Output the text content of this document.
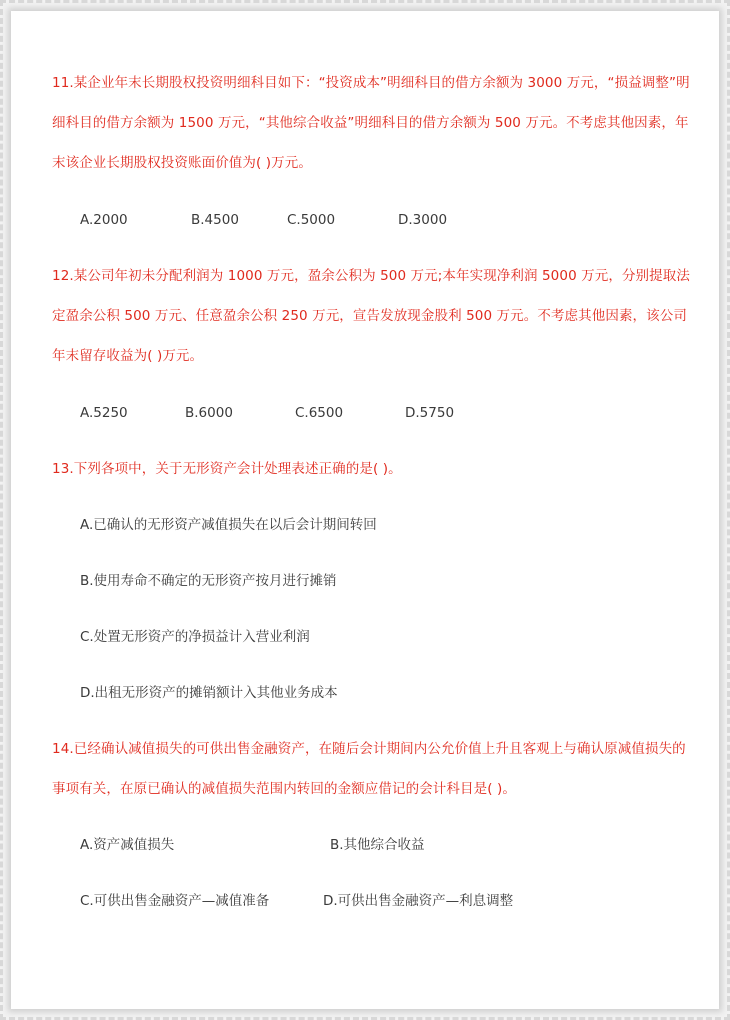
11.某企业年末长期股权投资明细科目如下：“投资成本”明细科目的借方余额为 3000 万元，“损益调整”明细科目的借方余额为 1500 万元，“其他综合收益”明细科目的借方余额为 500 万元。不考虑其他因素，年末该企业长期股权投资账面价值为( )万元。

A.2000	B.4500	C.5000	D.3000

12.某公司年初未分配利润为 1000 万元，盈余公积为 500 万元;本年实现净利润 5000 万元，分别提取法定盈余公积 500 万元、任意盈余公积 250 万元，宣告发放现金股利 500 万元。不考虑其他因素，该公司年末留存收益为( )万元。

A.5250	B.6000	C.6500	D.5750

13.下列各项中，关于无形资产会计处理表述正确的是( )。

A.已确认的无形资产减值损失在以后会计期间转回

B.使用寿命不确定的无形资产按月进行摊销

C.处置无形资产的净损益计入营业利润

D.出租无形资产的摊销额计入其他业务成本

14.已经确认减值损失的可供出售金融资产，在随后会计期间内公允价值上升且客观上与确认原减值损失的事项有关，在原已确认的减值损失范围内转回的金额应借记的会计科目是( )。

A.资产减值损失	B.其他综合收益
C.可供出售金融资产—减值准备	D.可供出售金融资产—利息调整
